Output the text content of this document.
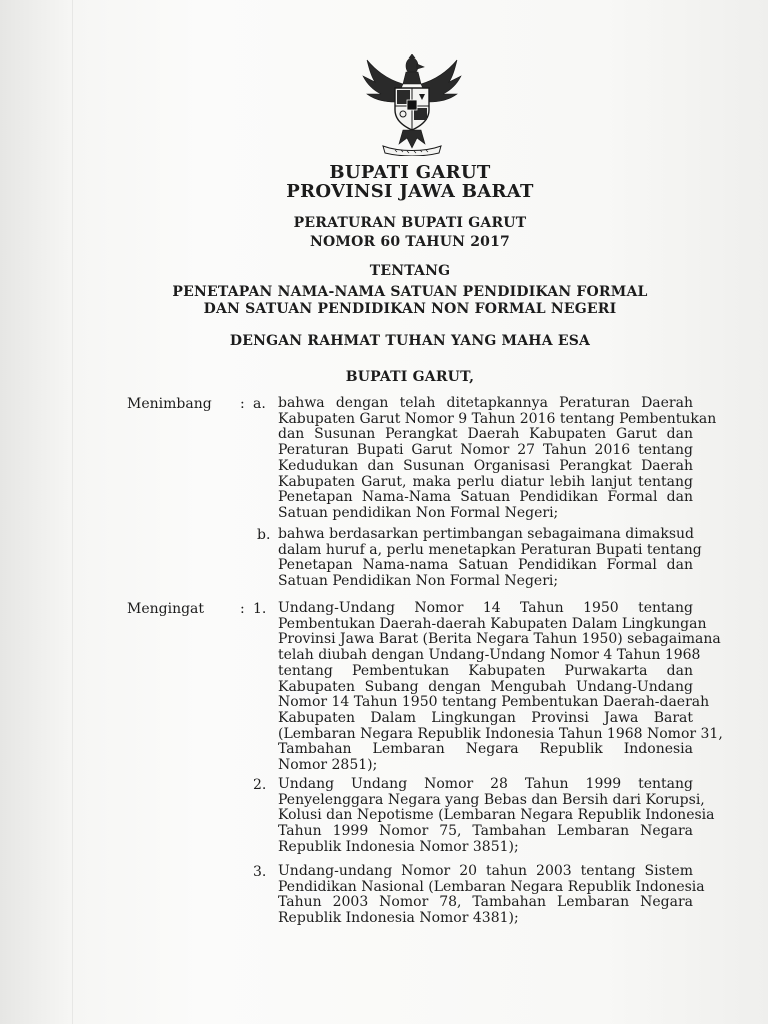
BUPATI GARUT
PROVINSI JAWA BARAT
PERATURAN BUPATI GARUT
NOMOR 60 TAHUN 2017
TENTANG
PENETAPAN NAMA-NAMA SATUAN PENDIDIKAN FORMAL
DAN SATUAN PENDIDIKAN NON FORMAL NEGERI
DENGAN RAHMAT TUHAN YANG MAHA ESA
BUPATI GARUT,
Menimbang : a. bahwa dengan telah ditetapkannya Peraturan Daerah
Kabupaten Garut Nomor 9 Tahun 2016 tentang Pembentukan
dan Susunan Perangkat Daerah Kabupaten Garut dan
Peraturan Bupati Garut Nomor 27 Tahun 2016 tentang
Kedudukan dan Susunan Organisasi Perangkat Daerah
Kabupaten Garut, maka perlu diatur lebih lanjut tentang
Penetapan Nama-Nama Satuan Pendidikan Formal dan
Satuan pendidikan Non Formal Negeri;
b. bahwa berdasarkan pertimbangan sebagaimana dimaksud
dalam huruf a, perlu menetapkan Peraturan Bupati tentang
Penetapan Nama-nama Satuan Pendidikan Formal dan
Satuan Pendidikan Non Formal Negeri;
Mengingat	: 1. Undang-Undang Nomor 14 Tahun 1950 tentang
Pembentukan Daerah-daerah Kabupaten Dalam Lingkungan
Provinsi Jawa Barat (Berita Negara Tahun 1950) sebagaimana
telah diubah dengan Undang-Undang Nomor 4 Tahun 1968
tentang Pembentukan Kabupaten Purwakarta dan
Kabupaten Subang dengan Mengubah Undang-Undang
Nomor 14 Tahun 1950 tentang Pembentukan Daerah-daerah
Kabupaten Dalam Lingkungan Provinsi Jawa Barat
(Lembaran Negara Republik Indonesia Tahun 1968 Nomor 31,
Tambahan Lembaran Negara Republik Indonesia
Nomor 2851);
2. Undang Undang Nomor 28 Tahun 1999 tentang
Penyelenggara Negara yang Bebas dan Bersih dari Korupsi,
Kolusi dan Nepotisme (Lembaran Negara Republik Indonesia
Tahun 1999 Nomor 75, Tambahan Lembaran Negara
Republik Indonesia Nomor 3851);
3. Undang-undang Nomor 20 tahun 2003 tentang Sistem
Pendidikan Nasional (Lembaran Negara Republik Indonesia
Tahun 2003 Nomor 78, Tambahan Lembaran Negara
Republik Indonesia Nomor 4381);
